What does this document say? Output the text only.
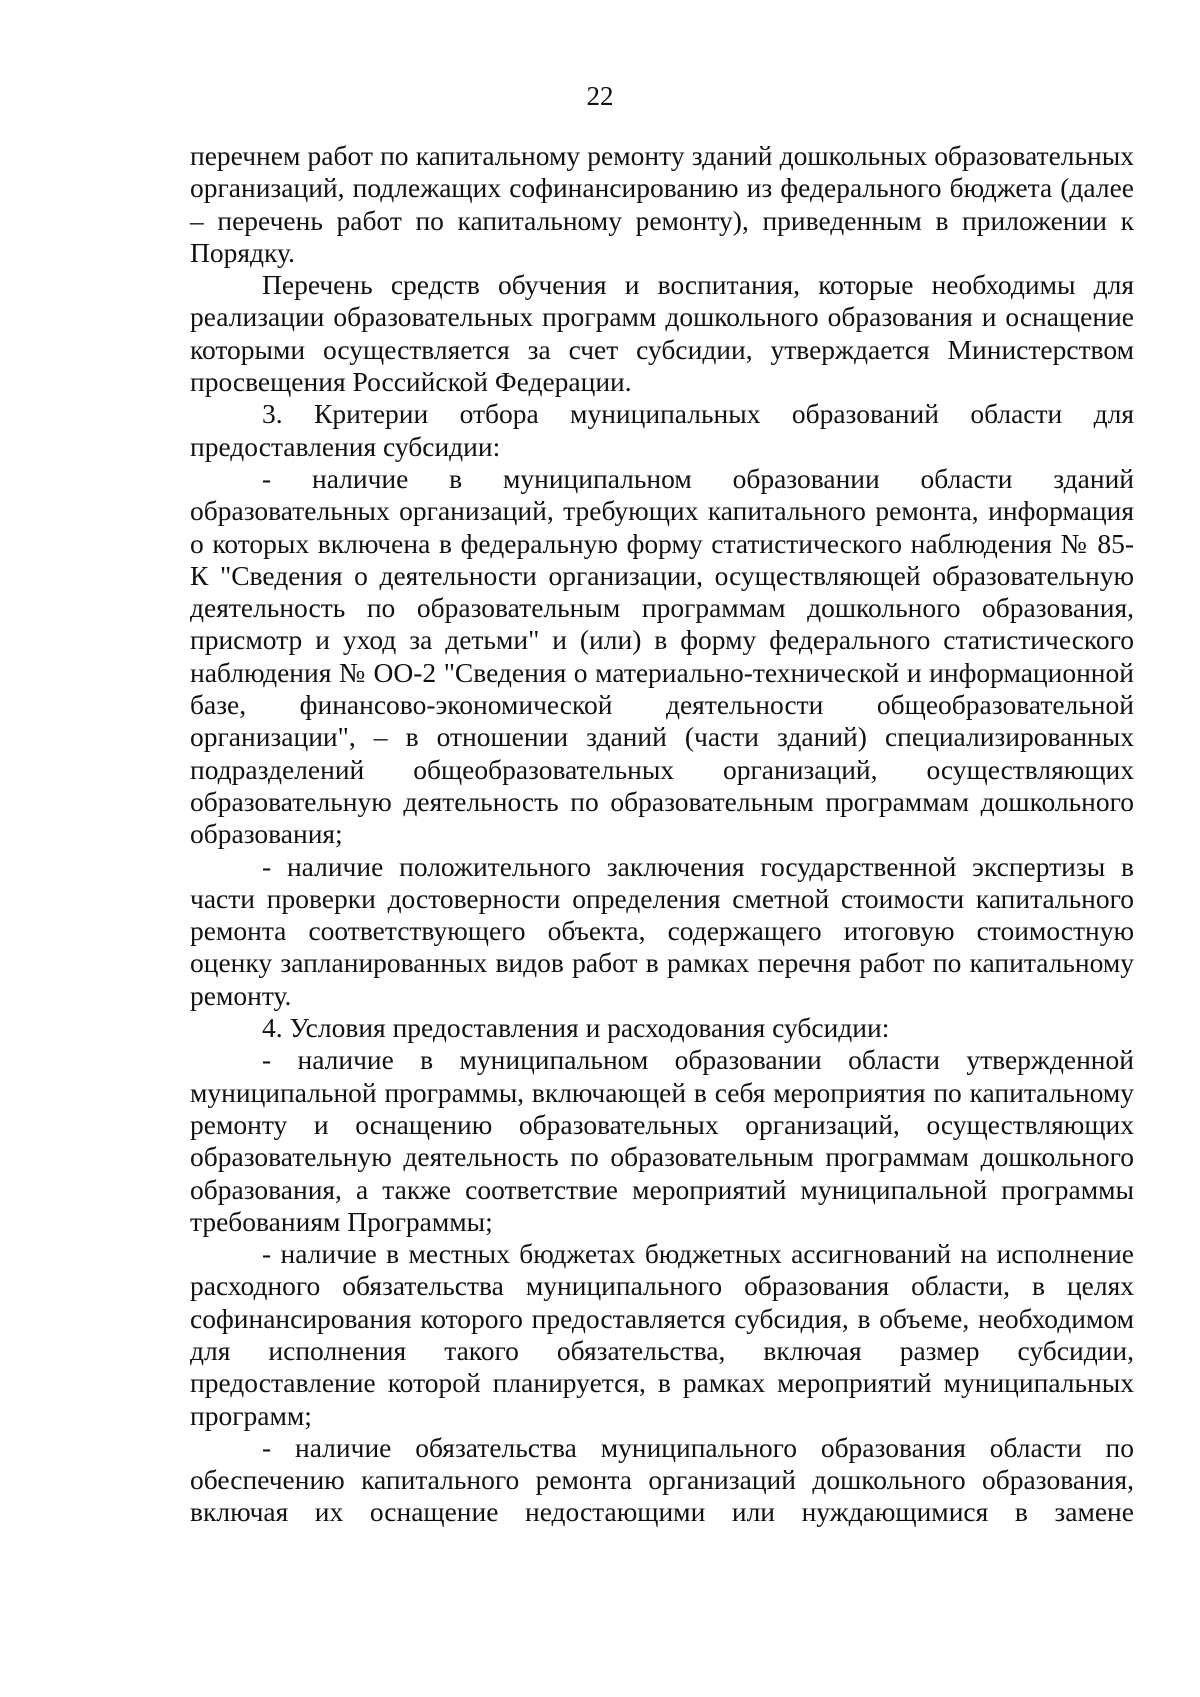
22

перечнем работ по капитальному ремонту зданий дошкольных образовательных организаций, подлежащих софинансированию из федерального бюджета (далее – перечень работ по капитальному ремонту), приведенным в приложении к Порядку.

Перечень средств обучения и воспитания, которые необходимы для реализации образовательных программ дошкольного образования и оснащение которыми осуществляется за счет субсидии, утверждается Министерством просвещения Российской Федерации.

3. Критерии отбора муниципальных образований области для предоставления субсидии:

- наличие в муниципальном образовании области зданий образовательных организаций, требующих капитального ремонта, информация о которых включена в федеральную форму статистического наблюдения № 85-К "Сведения о деятельности организации, осуществляющей образовательную деятельность по образовательным программам дошкольного образования, присмотр и уход за детьми" и (или) в форму федерального статистического наблюдения № ОО-2 "Сведения о материально-технической и информационной базе, финансово-экономической деятельности общеобразовательной организации", – в отношении зданий (части зданий) специализированных подразделений общеобразовательных организаций, осуществляющих образовательную деятельность по образовательным программам дошкольного образования;

- наличие положительного заключения государственной экспертизы в части проверки достоверности определения сметной стоимости капитального ремонта соответствующего объекта, содержащего итоговую стоимостную оценку запланированных видов работ в рамках перечня работ по капитальному ремонту.

4. Условия предоставления и расходования субсидии:

- наличие в муниципальном образовании области утвержденной муниципальной программы, включающей в себя мероприятия по капитальному ремонту и оснащению образовательных организаций, осуществляющих образовательную деятельность по образовательным программам дошкольного образования, а также соответствие мероприятий муниципальной программы требованиям Программы;

- наличие в местных бюджетах бюджетных ассигнований на исполнение расходного обязательства муниципального образования области, в целях софинансирования которого предоставляется субсидия, в объеме, необходимом для исполнения такого обязательства, включая размер субсидии, предоставление которой планируется, в рамках мероприятий муниципальных программ;

- наличие обязательства муниципального образования области по обеспечению капитального ремонта организаций дошкольного образования, включая их оснащение недостающими или нуждающимися в замене
